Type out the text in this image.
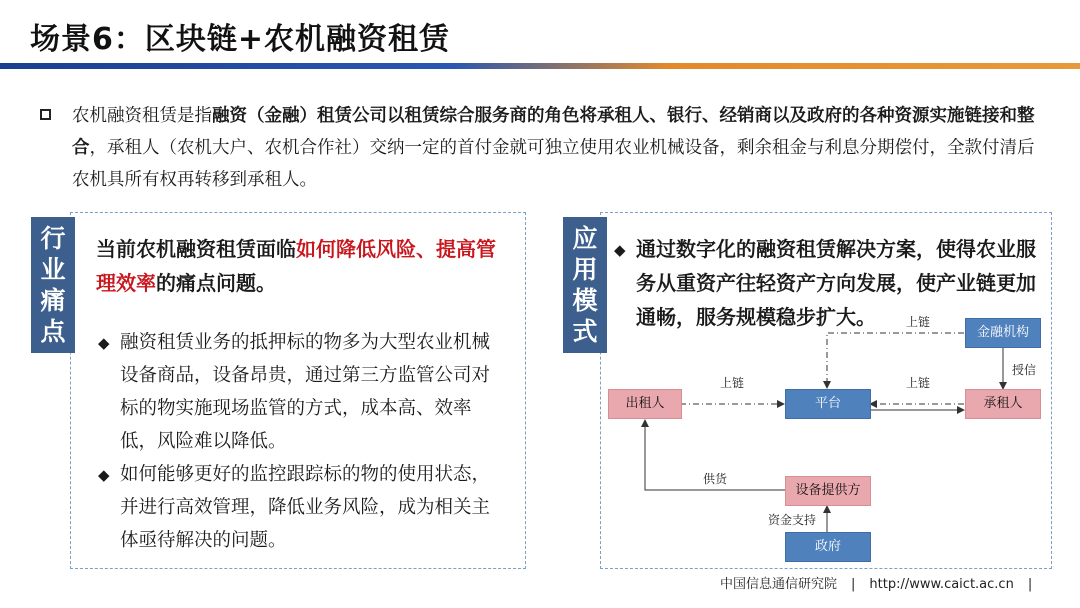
场景6：区块链+农机融资租赁
农机融资租赁是指融资（金融）租赁公司以租赁综合服务商的角色将承租人、银行、经销商以及政府的各种资源实施链接和整合，承租人（农机大户、农机合作社）交纳一定的首付金就可独立使用农业机械设备，剩余租金与利息分期偿付，全款付清后农机具所有权再转移到承租人。
行
业
痛
点
当前农机融资租赁面临如何降低风险、提高管理效率的痛点问题。
◆ 融资租赁业务的抵押标的物多为大型农业机械设备商品，设备昂贵，通过第三方监管公司对标的物实施现场监管的方式，成本高、效率低，风险难以降低。
◆ 如何能够更好的监控跟踪标的物的使用状态，并进行高效管理，降低业务风险，成为相关主体亟待解决的问题。
应
用
模
式
◆ 通过数字化的融资租赁解决方案，使得农业服务从重资产往轻资产方向发展，使产业链更加通畅，服务规模稳步扩大。
出租人	平台	承租人
金融机构
设备提供方
政府
上链	上链
上链
授信
供货
资金支持
中国信息通信研究院 | http://www.caict.ac.cn |
